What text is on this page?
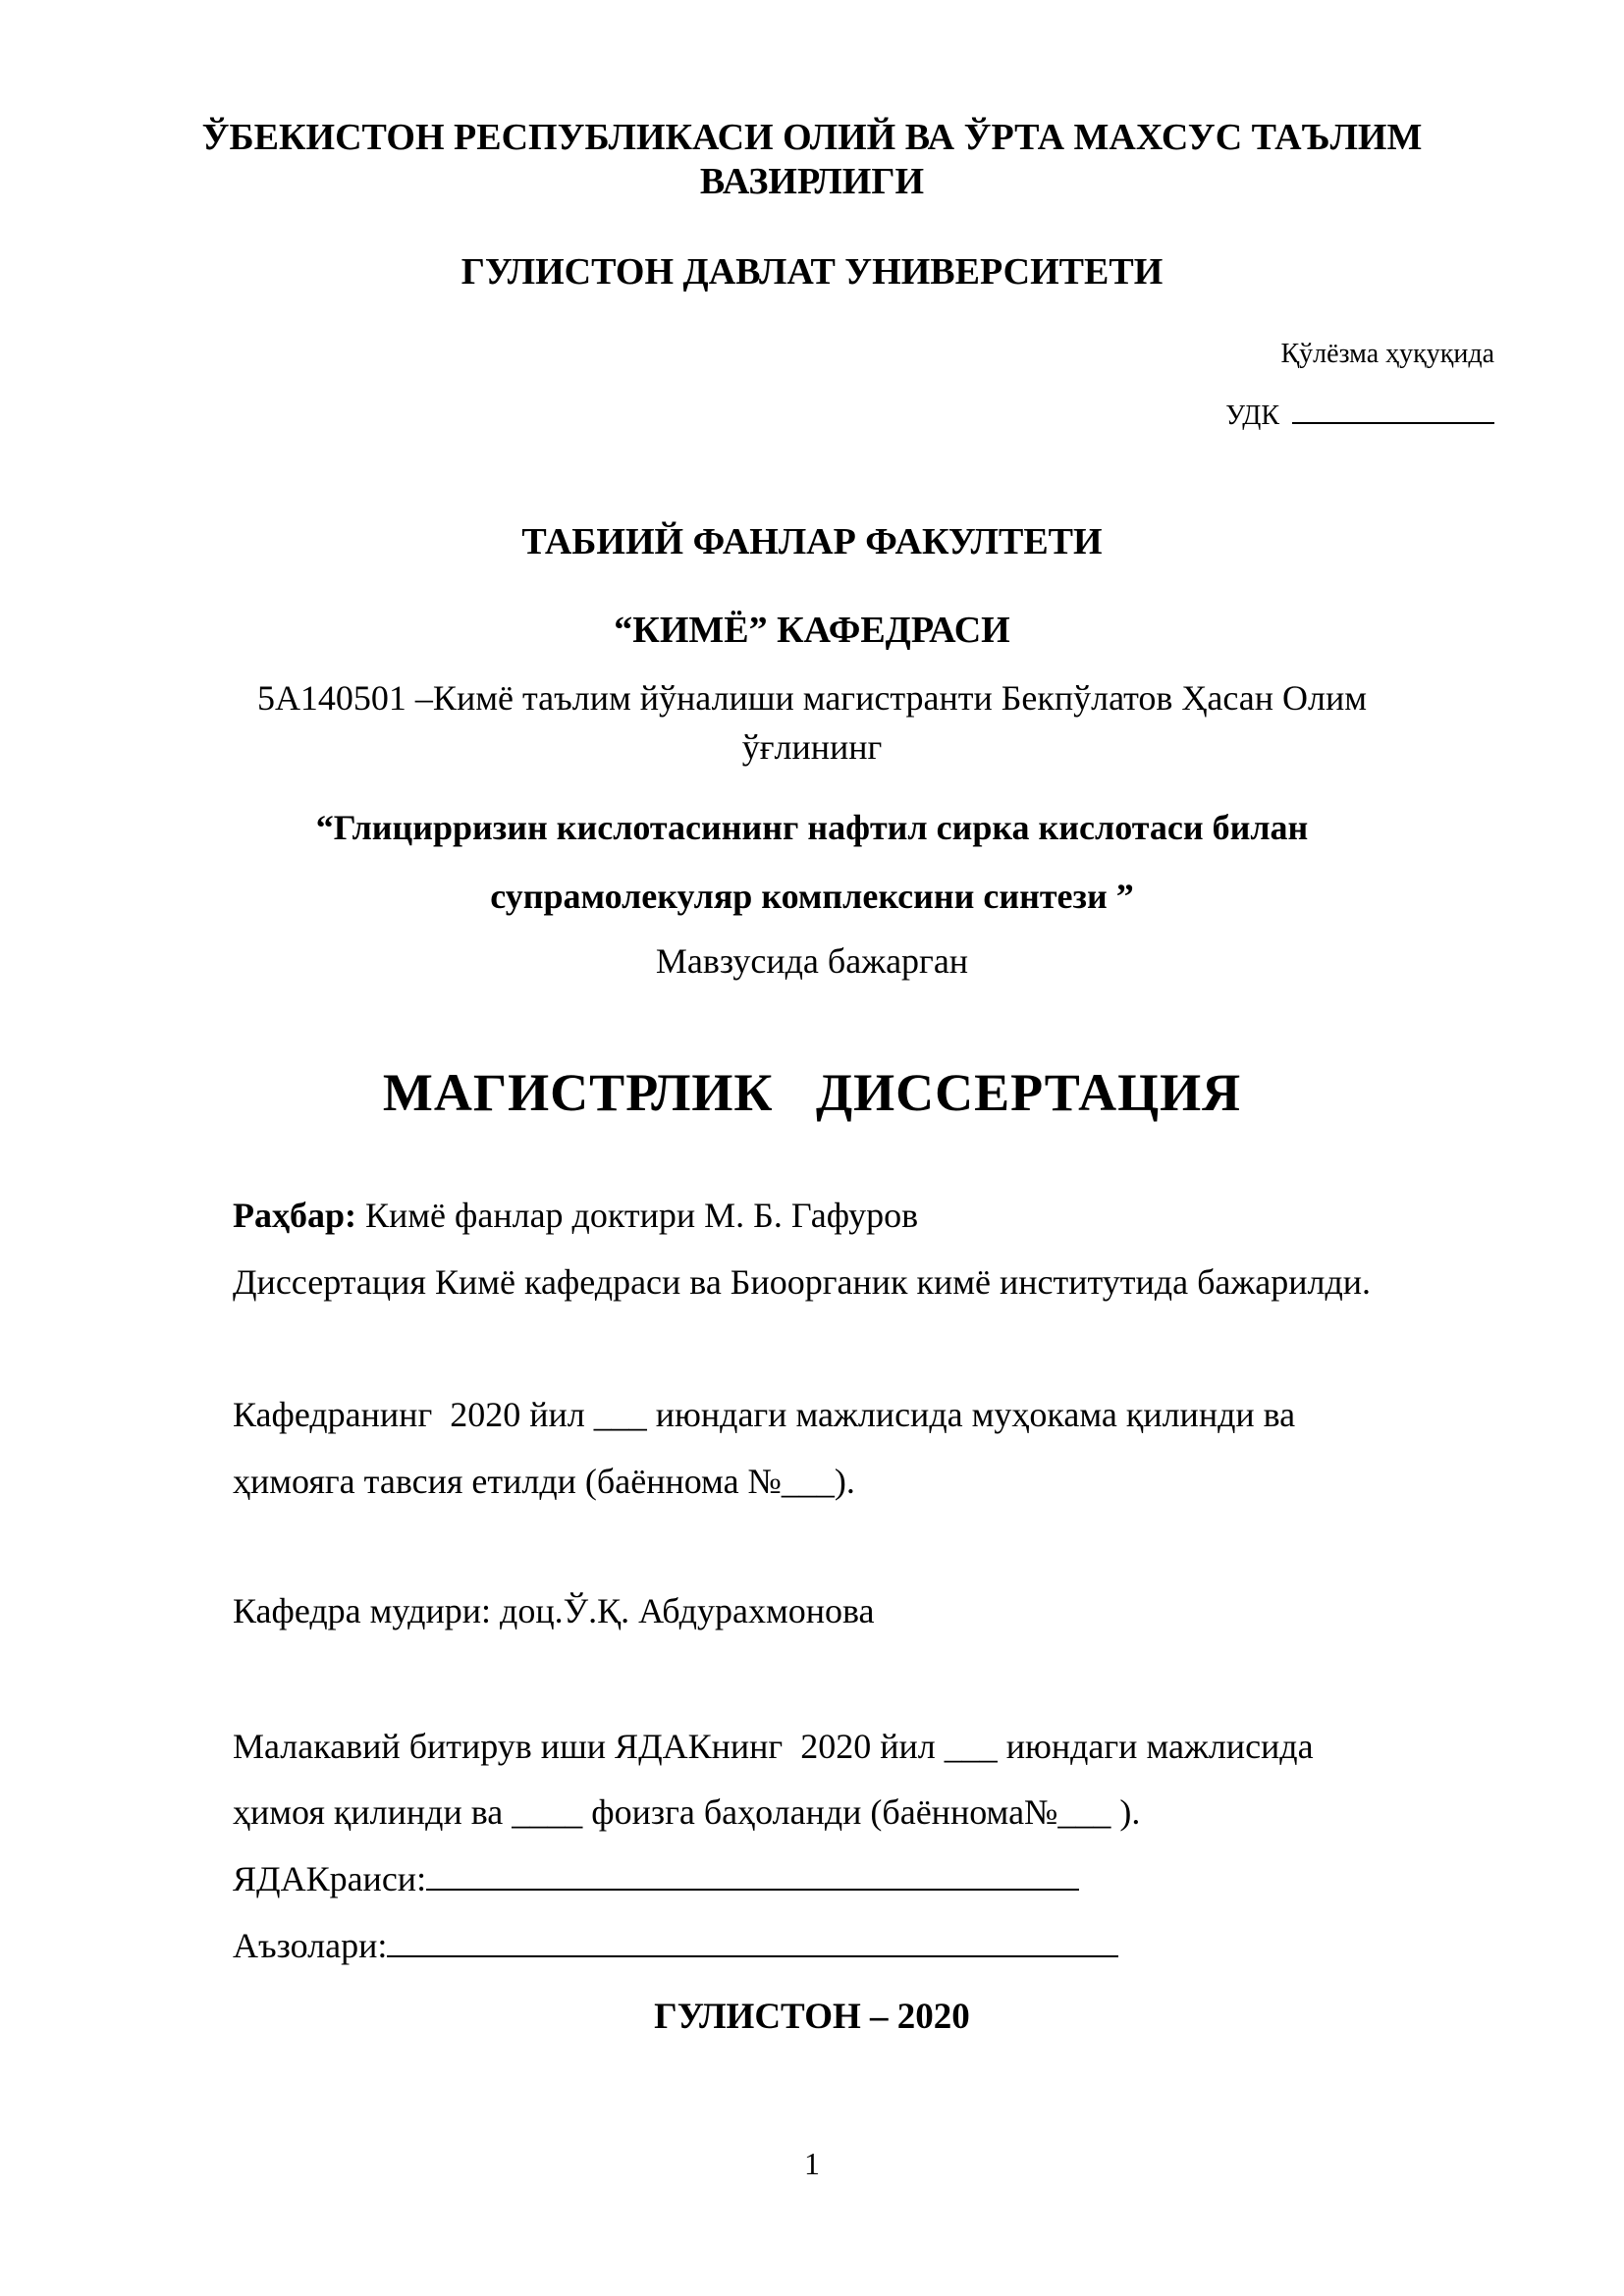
ЎБЕКИСТОН РЕСПУБЛИКАСИ ОЛИЙ ВА ЎРТА МАХСУС ТАЪЛИМ
ВАЗИРЛИГИ
ГУЛИСТОН ДАВЛАТ УНИВЕРСИТЕТИ
Қўлёзма ҳуқуқида
УДК
ТАБИИЙ ФАНЛАР ФАКУЛТЕТИ
“КИМЁ” КАФЕДРАСИ
5A140501 –Кимё таълим йўналиши магистранти Бекпўлатов Ҳасан Олим
ўғлининг
“Глицирризин кислотасининг нафтил сирка кислотаси билан
супрамолекуляр комплексини синтези ”
Мавзусида бажарган
МАГИСТРЛИК   ДИССЕРТАЦИЯ
Раҳбар: Кимё фанлар доктири М. Б. Гафуров
Диссертация Кимё кафедраси ва Биоорганик кимё институтида бажарилди.
Кафедранинг  2020 йил ___ июндаги мажлисида муҳокама қилинди ва
ҳимояга тавсия етилди (баённома №___).
Кафедра мудири: доц.Ў.Қ. Абдурахмонова
Малакавий битирув иши ЯДАКнинг  2020 йил ___ июндаги мажлисида
ҳимоя қилинди ва ____ фоизга баҳоланди (баённома№___ ).
ЯДАКраиси:
Аъзолари:
ГУЛИСТОН – 2020
1
